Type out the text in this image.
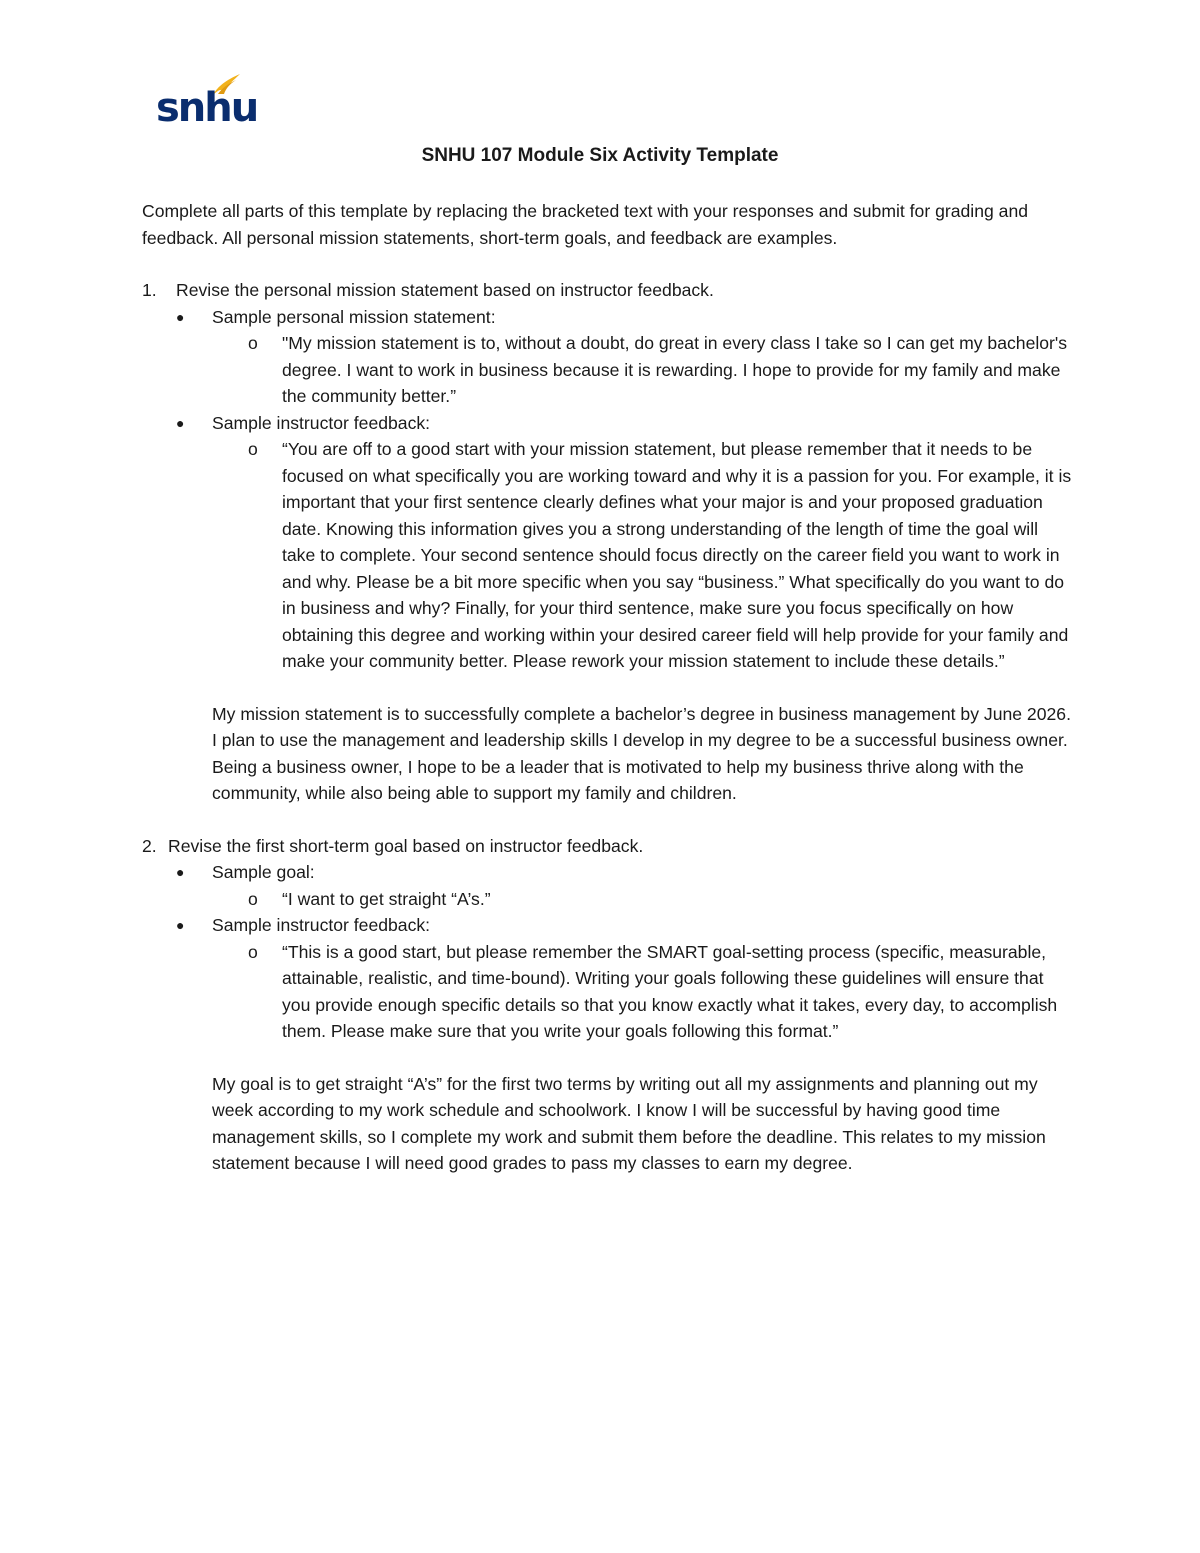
snhu
SNHU 107 Module Six Activity Template

Complete all parts of this template by replacing the bracketed text with your responses and submit for grading and feedback. All personal mission statements, short-term goals, and feedback are examples.

1. Revise the personal mission statement based on instructor feedback.

● Sample personal mission statement:

o "My mission statement is to, without a doubt, do great in every class I take so I can get my bachelor's degree. I want to work in business because it is rewarding. I hope to provide for my family and make the community better.”

● Sample instructor feedback:

o “You are off to a good start with your mission statement, but please remember that it needs to be focused on what specifically you are working toward and why it is a passion for you. For example, it is important that your first sentence clearly defines what your major is and your proposed graduation date. Knowing this information gives you a strong understanding of the length of time the goal will take to complete. Your second sentence should focus directly on the career field you want to work in and why. Please be a bit more specific when you say “business.” What specifically do you want to do in business and why? Finally, for your third sentence, make sure you focus specifically on how obtaining this degree and working within your desired career field will help provide for your family and make your community better. Please rework your mission statement to include these details.”

My mission statement is to successfully complete a bachelor’s degree in business management by June 2026. I plan to use the management and leadership skills I develop in my degree to be a successful business owner. Being a business owner, I hope to be a leader that is motivated to help my business thrive along with the community, while also being able to support my family and children.

2. Revise the first short-term goal based on instructor feedback.

● Sample goal:

o “I want to get straight “A’s.”

● Sample instructor feedback:

o “This is a good start, but please remember the SMART goal-setting process (specific, measurable, attainable, realistic, and time-bound). Writing your goals following these guidelines will ensure that you provide enough specific details so that you know exactly what it takes, every day, to accomplish them. Please make sure that you write your goals following this format.”

My goal is to get straight “A’s” for the first two terms by writing out all my assignments and planning out my week according to my work schedule and schoolwork. I know I will be successful by having good time management skills, so I complete my work and submit them before the deadline. This relates to my mission statement because I will need good grades to pass my classes to earn my degree.
